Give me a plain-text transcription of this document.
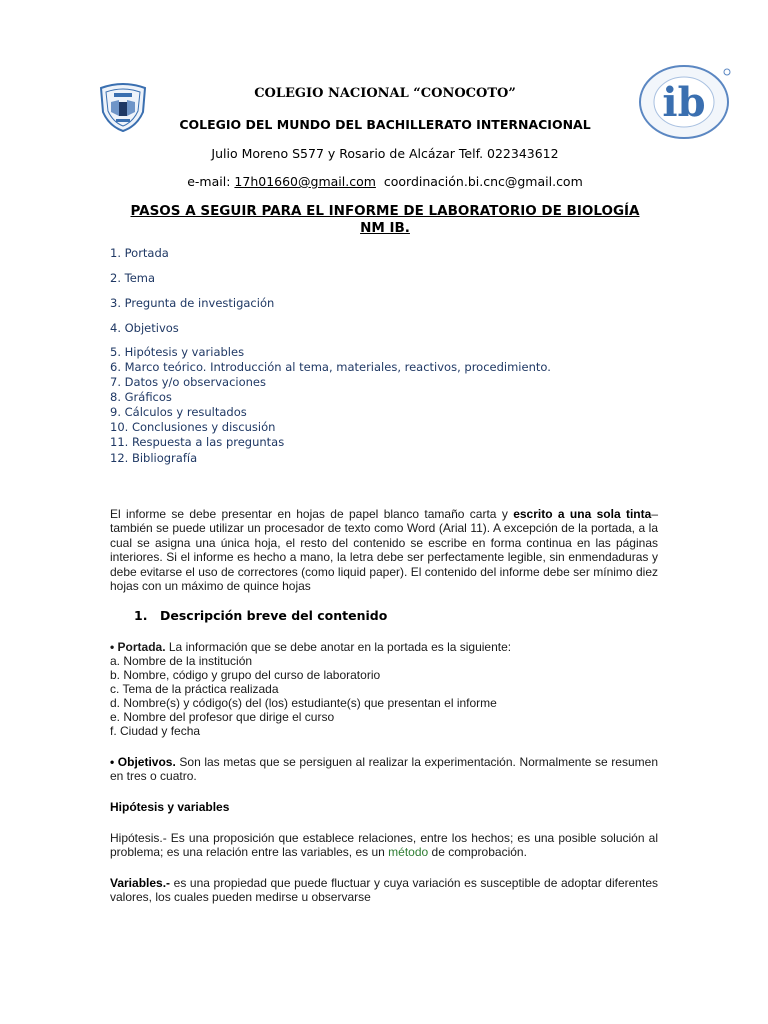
ib
COLEGIO NACIONAL “CONOCOTO”
COLEGIO DEL MUNDO DEL BACHILLERATO INTERNACIONAL
Julio Moreno S577 y Rosario de Alcázar Telf. 022343612
e-mail: 17h01660@gmail.com coordinación.bi.cnc@gmail.com
PASOS A SEGUIR PARA EL INFORME DE LABORATORIO DE BIOLOGÍA
NM IB.
1. Portada
2. Tema
3. Pregunta de investigación
4. Objetivos
5. Hipótesis y variables
6. Marco teórico. Introducción al tema, materiales, reactivos, procedimiento.
7. Datos y/o observaciones
8. Gráficos
9. Cálculos y resultados
10. Conclusiones y discusión
11. Respuesta a las preguntas
12. Bibliografía
El informe se debe presentar en hojas de papel blanco tamaño carta y escrito a una sola tinta–también se puede utilizar un procesador de texto como Word (Arial 11). A excepción de la portada, a la cual se asigna una única hoja, el resto del contenido se escribe en forma continua en las páginas interiores. Si el informe es hecho a mano, la letra debe ser perfectamente legible, sin enmendaduras y debe evitarse el uso de correctores (como liquid paper). El contenido del informe debe ser mínimo diez hojas con un máximo de quince hojas
1. Descripción breve del contenido
• Portada. La información que se debe anotar en la portada es la siguiente:
a. Nombre de la institución
b. Nombre, código y grupo del curso de laboratorio
c. Tema de la práctica realizada
d. Nombre(s) y código(s) del (los) estudiante(s) que presentan el informe
e. Nombre del profesor que dirige el curso
f. Ciudad y fecha
• Objetivos. Son las metas que se persiguen al realizar la experimentación. Normalmente se resumen en tres o cuatro.
Hipótesis y variables
Hipótesis.- Es una proposición que establece relaciones, entre los hechos; es una posible solución al problema; es una relación entre las variables, es un método de comprobación.
Variables.- es una propiedad que puede fluctuar y cuya variación es susceptible de adoptar diferentes valores, los cuales pueden medirse u observarse
